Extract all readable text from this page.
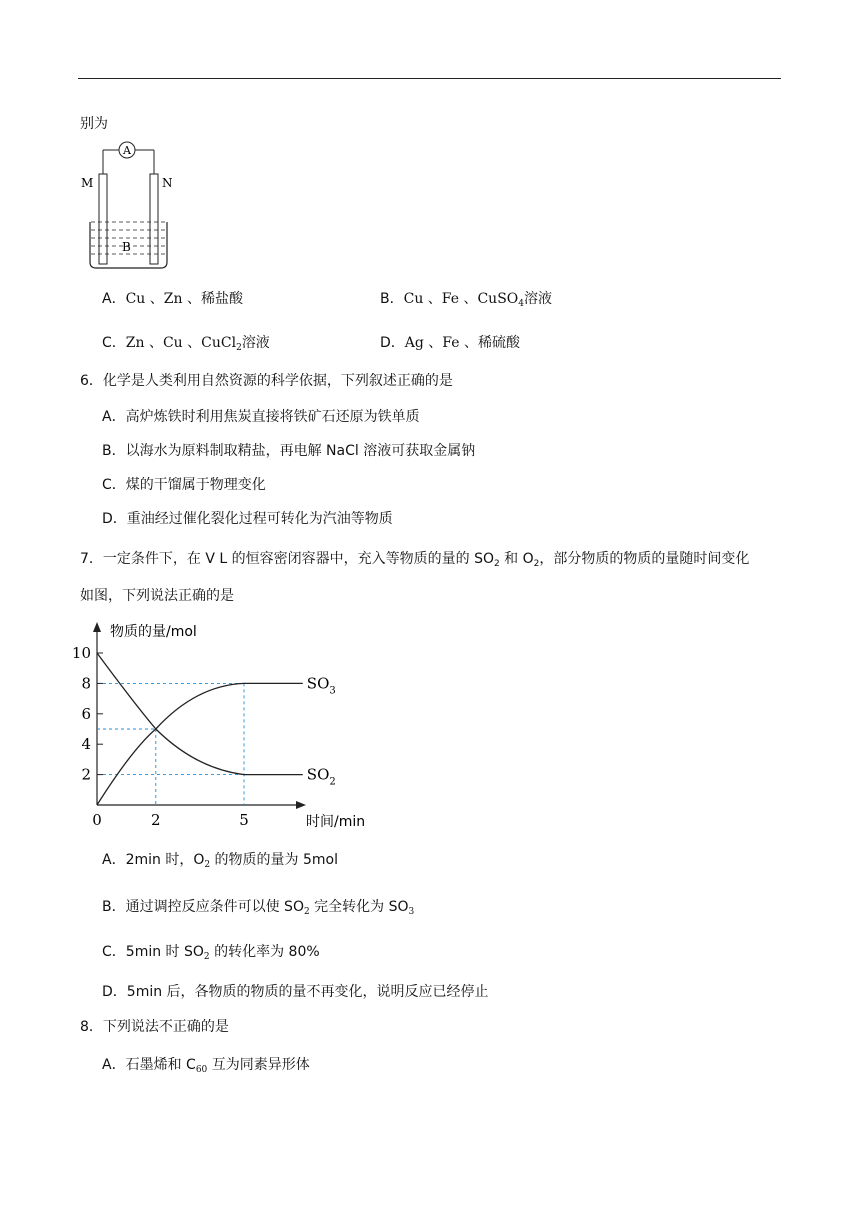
别为
A
M	N
B
A．Cu 、Zn 、稀盐酸	B．Cu 、Fe 、CuSO$_4$溶液
C．Zn 、Cu 、CuCl$_2$溶液	D．Ag 、Fe 、稀硫酸
6．化学是人类利用自然资源的科学依据，下列叙述正确的是
A．高炉炼铁时利用焦炭直接将铁矿石还原为铁单质
B．以海水为原料制取精盐，再电解 NaCl 溶液可获取金属钠
C．煤的干馏属于物理变化
D．重油经过催化裂化过程可转化为汽油等物质
7．一定条件下，在 V L 的恒容密闭容器中，充入等物质的量的 $SO_2$ 和 $O_2$，部分物质的物质的量随时间变化
如图，下列说法正确的是
物质的量/mol
时间/min
10
8
6
4
2
0	2	5
$SO_3$
$SO_2$
A．2min 时，$O_2$ 的物质的量为 5mol
B．通过调控反应条件可以使 $SO_2$ 完全转化为 $SO_3$
C．5min 时 $SO_2$ 的转化率为 80%
D．5min 后，各物质的物质的量不再变化，说明反应已经停止
8．下列说法不正确的是
A．石墨烯和 $C_{60}$ 互为同素异形体
